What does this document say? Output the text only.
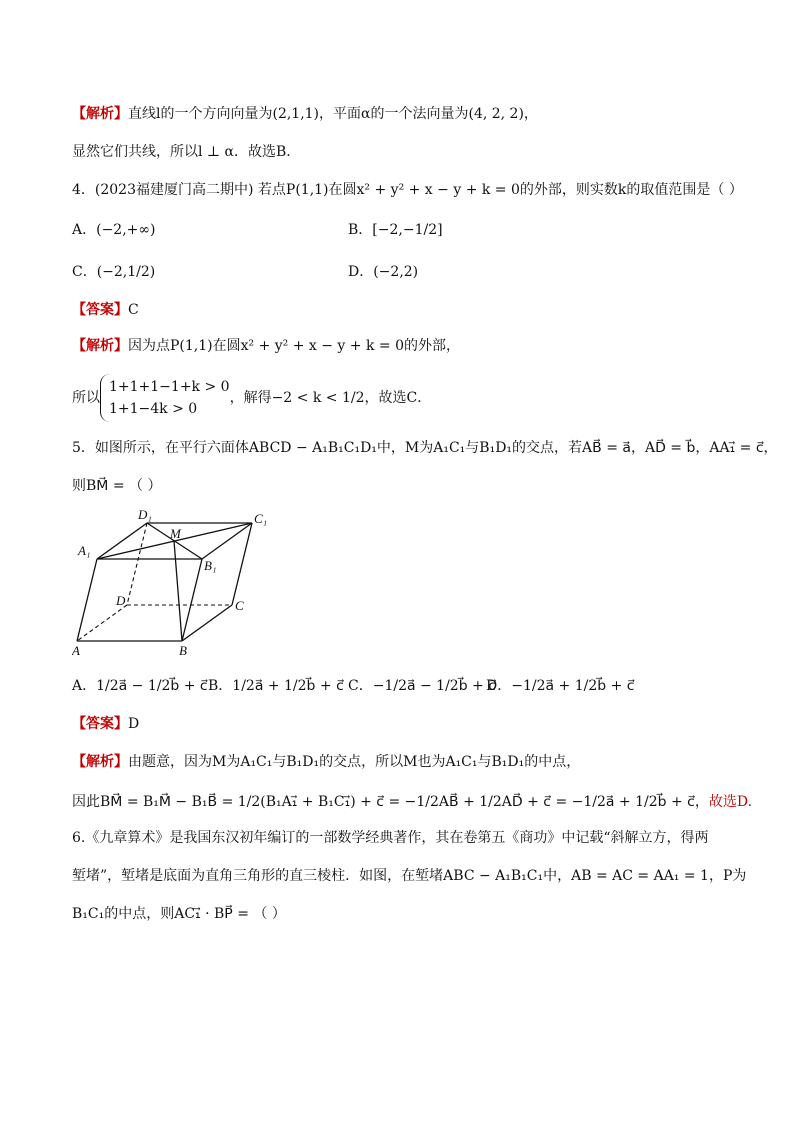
【解析】直线l的一个方向向量为(2,1,1)，平面α的一个法向量为(4, 2, 2)，
显然它们共线，所以l ⊥ α．故选B．
4．(2023福建厦门高二期中) 若点P(1,1)在圆x² + y² + x − y + k = 0的外部，则实数k的取值范围是（ ）
A．(−2,+∞)	B．[−2,−1/2]
C．(−2,1/2)	D．(−2,2)
【答案】C
【解析】因为点P(1,1)在圆x² + y² + x − y + k = 0的外部，
所以
1+1+1−1+k > 0
1+1−4k > 0
，解得−2 < k < 1/2，故选C．
5．如图所示，在平行六面体ABCD − A₁B₁C₁D₁中，M为A₁C₁与B₁D₁的交点，若AB⃗ = a⃗，AD⃗ = b⃗，AA₁⃗ = c⃗，
则BM⃗ = （ ）
D₁	C₁
A₁
B₁
M
D	C
A	B
A．1/2a⃗ − 1/2b⃗ + c⃗ B．1/2a⃗ + 1/2b⃗ + c⃗ C．−1/2a⃗ − 1/2b⃗ + c⃗
D．−1/2a⃗ + 1/2b⃗ + c⃗
【答案】D
【解析】由题意，因为M为A₁C₁与B₁D₁的交点，所以M也为A₁C₁与B₁D₁的中点，
因此BM⃗ = B₁M⃗ − B₁B⃗ = 1/2(B₁A₁⃗ + B₁C₁⃗) + c⃗ = −1/2AB⃗ + 1/2AD⃗ + c⃗ = −1/2a⃗ + 1/2b⃗ + c⃗，故选D.
6.《九章算术》是我国东汉初年编订的一部数学经典著作，其在卷第五《商功》中记载“斜解立方，得两
堑堵”，堑堵是底面为直角三角形的直三棱柱．如图，在堑堵ABC − A₁B₁C₁中，AB = AC = AA₁ = 1，P为
B₁C₁的中点，则AC₁⃗ · BP⃗ = （ ）
